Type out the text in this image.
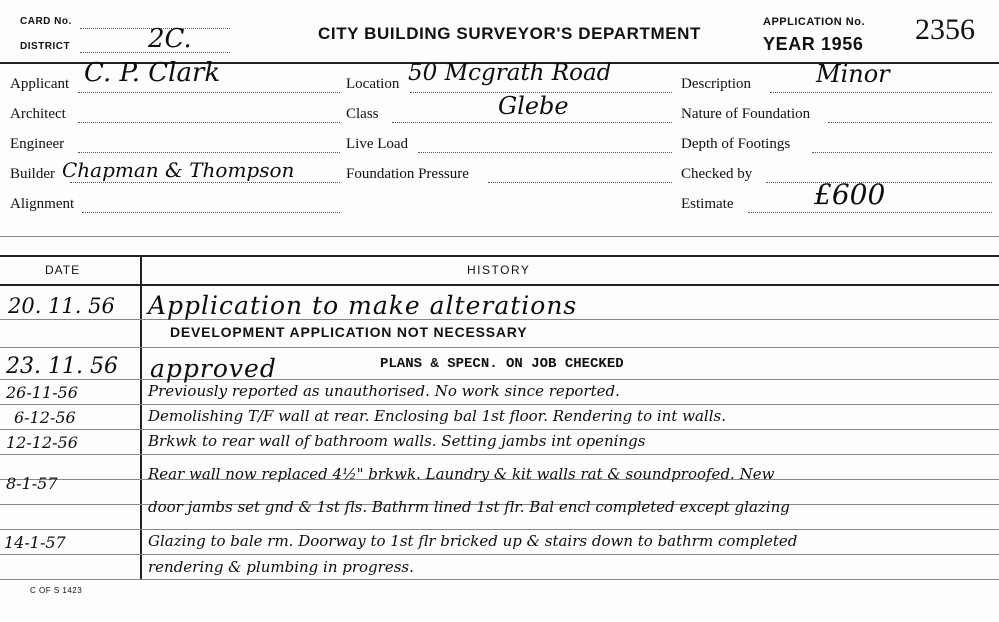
CARD No.
DISTRICT	2C.	CITY BUILDING SURVEYOR'S DEPARTMENT
APPLICATION No.
YEAR 1956 2356
Applicant C. P. Clark
Architect
Engineer
Builder Chapman & Thompson
Alignment
Location 50 Mcgrath Road
Class	Glebe
Live Load
Foundation Pressure
Description	Minor
Nature of Foundation
Depth of Footings
Checked by
Estimate	£600
DATE	HISTORY
20. 11. 56 Application to make alterations
DEVELOPMENT APPLICATION NOT NECESSARY
23. 11. 56 approved	PLANS & SPECN. ON JOB CHECKED
26-11-56	Previously reported as unauthorised. No work since reported.
6-12-56	Demolishing T/F wall at rear. Enclosing bal 1st floor. Rendering to int walls.
12-12-56	Brkwk to rear wall of bathroom walls. Setting jambs int openings
8-1-57	Rear wall now replaced 4½" brkwk. Laundry & kit walls rat & soundproofed. New
door jambs set gnd & 1st fls. Bathrm lined 1st flr. Bal encl completed except glazing
14-1-57	Glazing to bale rm. Doorway to 1st flr bricked up & stairs down to bathrm completed
rendering & plumbing in progress.
C OF S 1423
